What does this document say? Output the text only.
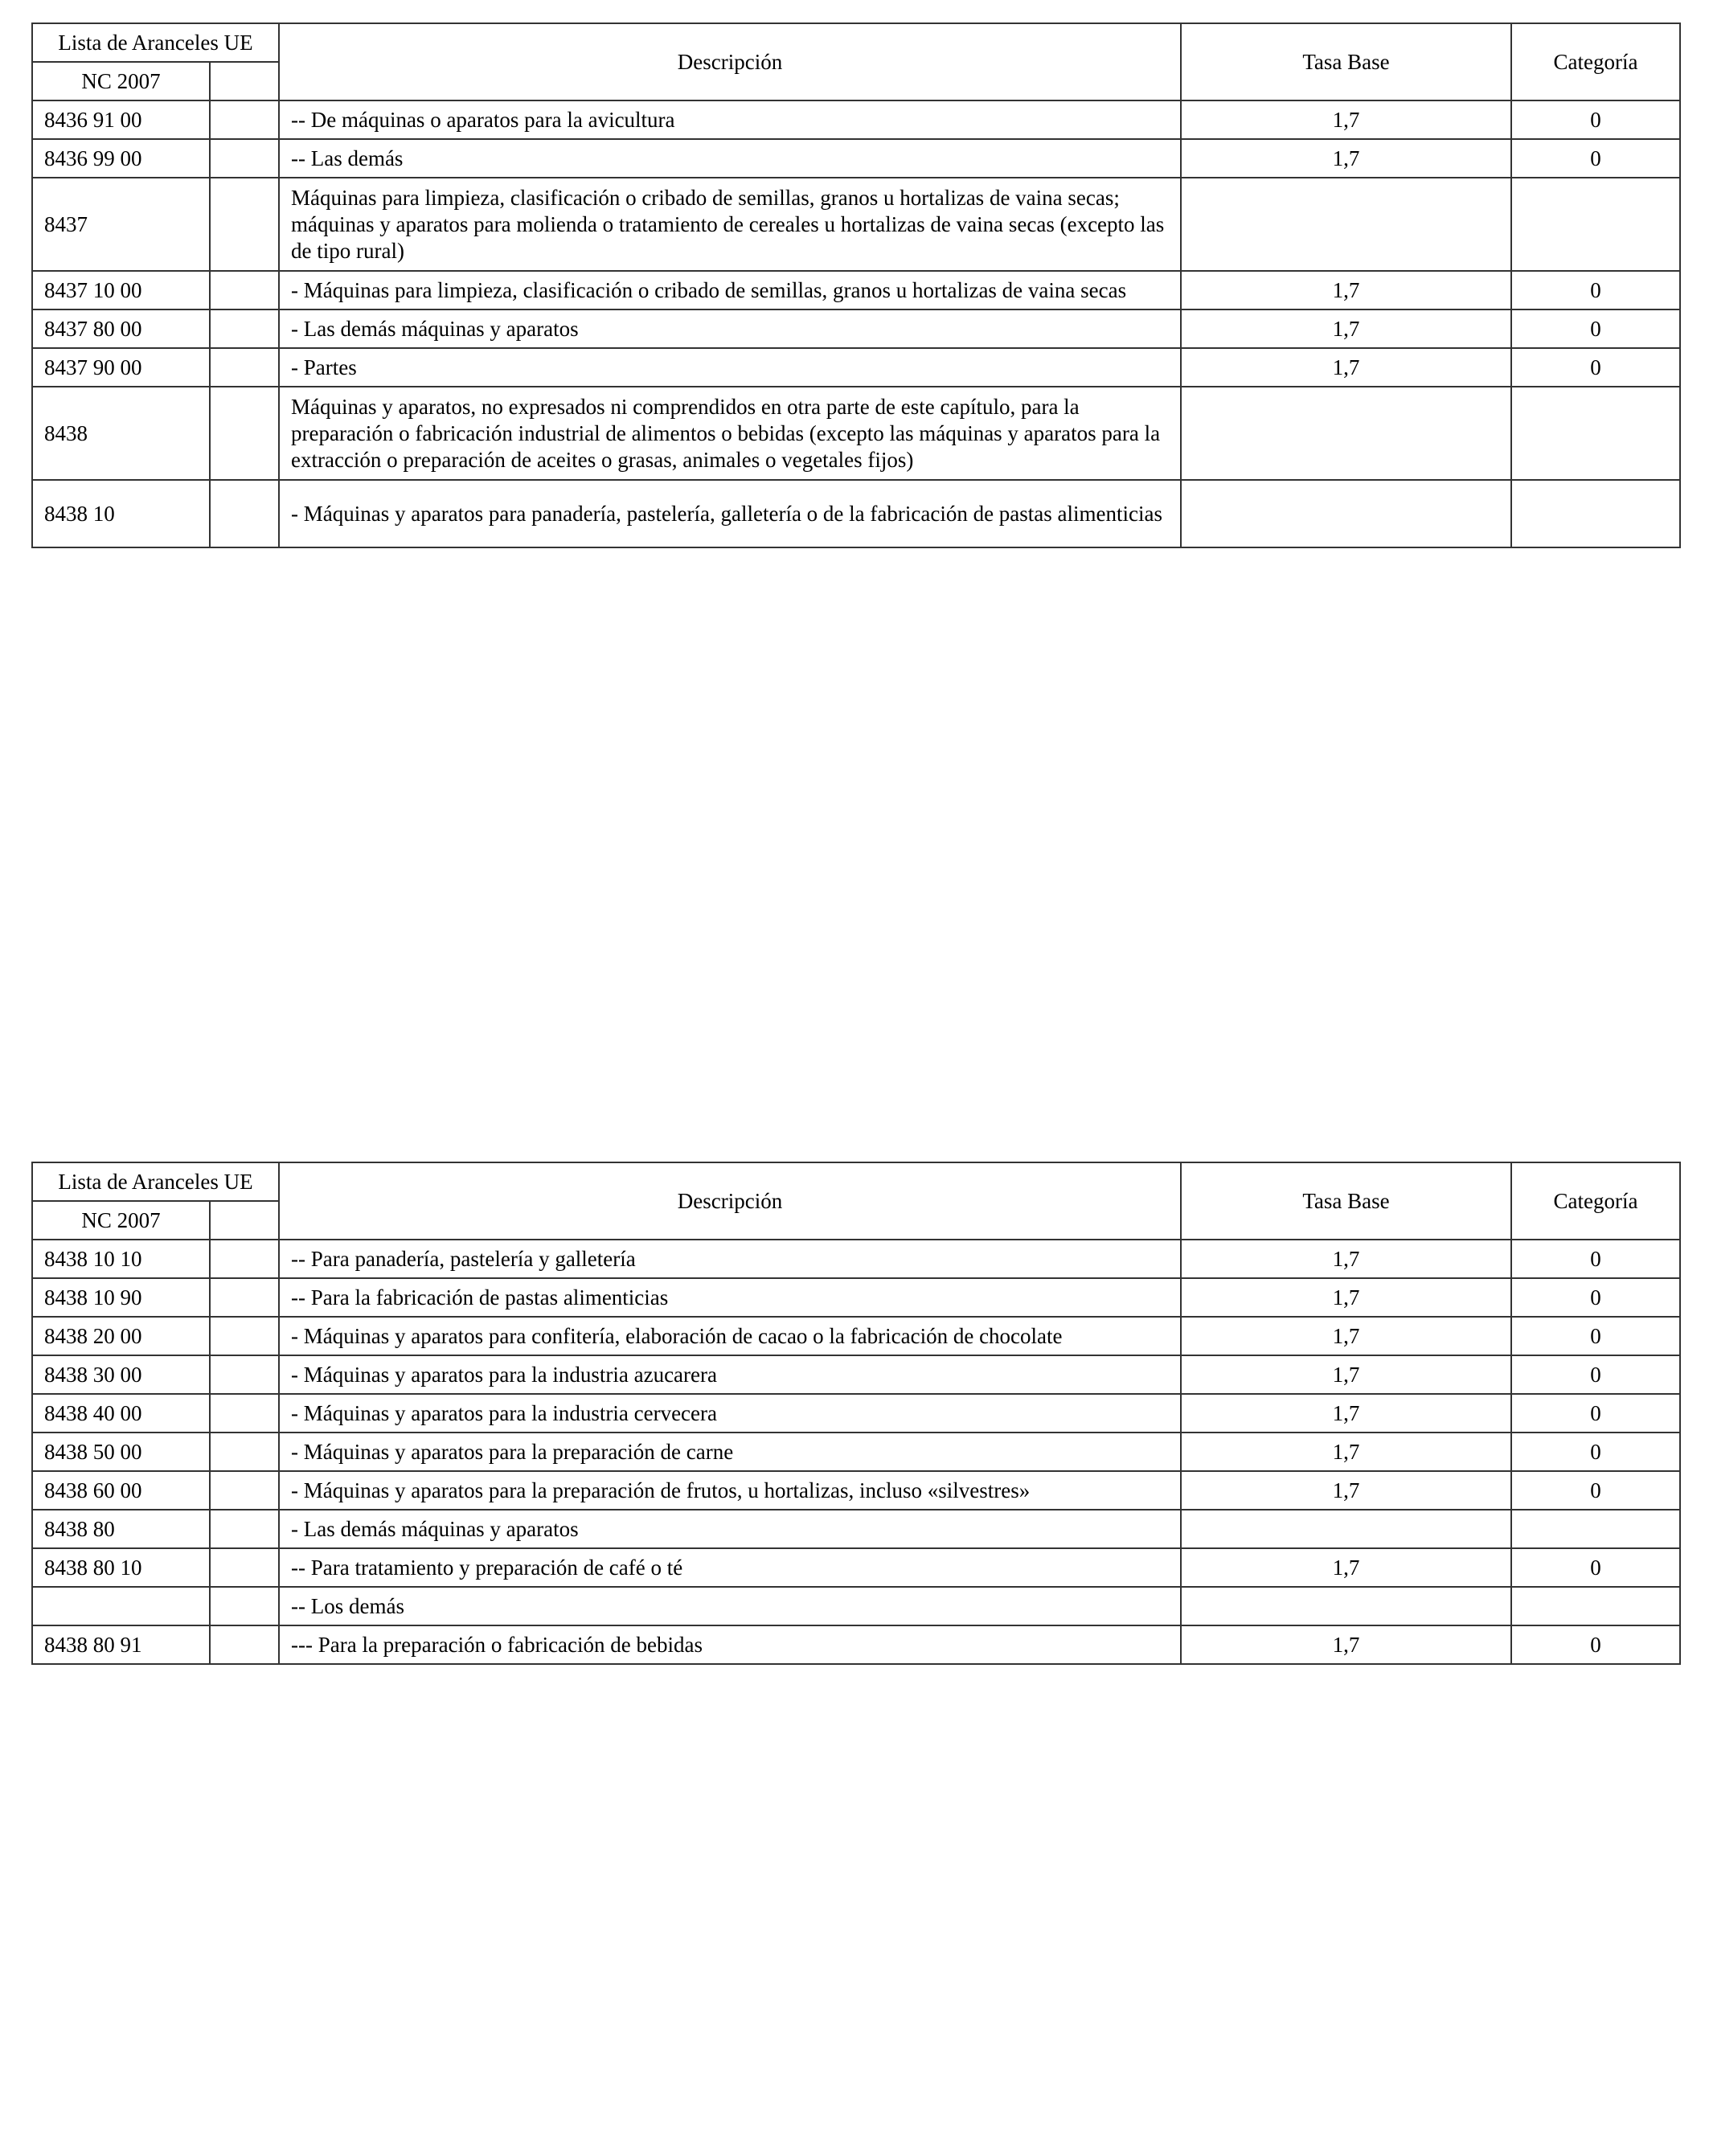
Lista de Aranceles UE		Descripción	Tasa Base	Categoría
NC 2007				
8436 91 00		-- De máquinas o aparatos para la avicultura	1,7	0
8436 99 00		-- Las demás	1,7	0
8437		Máquinas para limpieza, clasificación o cribado de semillas, granos u hortalizas de vaina secas; máquinas y aparatos para molienda o tratamiento de cereales u hortalizas de vaina secas (excepto las de tipo rural)		
8437 10 00		- Máquinas para limpieza, clasificación o cribado de semillas, granos u hortalizas de vaina secas	1,7	0
8437 80 00		- Las demás máquinas y aparatos	1,7	0
8437 90 00		- Partes	1,7	0
8438		Máquinas y aparatos, no expresados ni comprendidos en otra parte de este capítulo, para la preparación o fabricación industrial de alimentos o bebidas (excepto las máquinas y aparatos para la extracción o preparación de aceites o grasas, animales o vegetales fijos)		
8438 10		- Máquinas y aparatos para panadería, pastelería, galletería o de la fabricación de pastas alimenticias		
Lista de Aranceles UE		Descripción	Tasa Base	Categoría
NC 2007				
8438 10 10		-- Para panadería, pastelería y galletería	1,7	0
8438 10 90		-- Para la fabricación de pastas alimenticias	1,7	0
8438 20 00		- Máquinas y aparatos para confitería, elaboración de cacao o la fabricación de chocolate	1,7	0
8438 30 00		- Máquinas y aparatos para la industria azucarera	1,7	0
8438 40 00		- Máquinas y aparatos para la industria cervecera	1,7	0
8438 50 00		- Máquinas y aparatos para la preparación de carne	1,7	0
8438 60 00		- Máquinas y aparatos para la preparación de frutos, u hortalizas, incluso «silvestres»	1,7	0
8438 80		- Las demás máquinas y aparatos		
8438 80 10		-- Para tratamiento y preparación de café o té	1,7	0
		-- Los demás		
8438 80 91		--- Para la preparación o fabricación de bebidas	1,7	0
